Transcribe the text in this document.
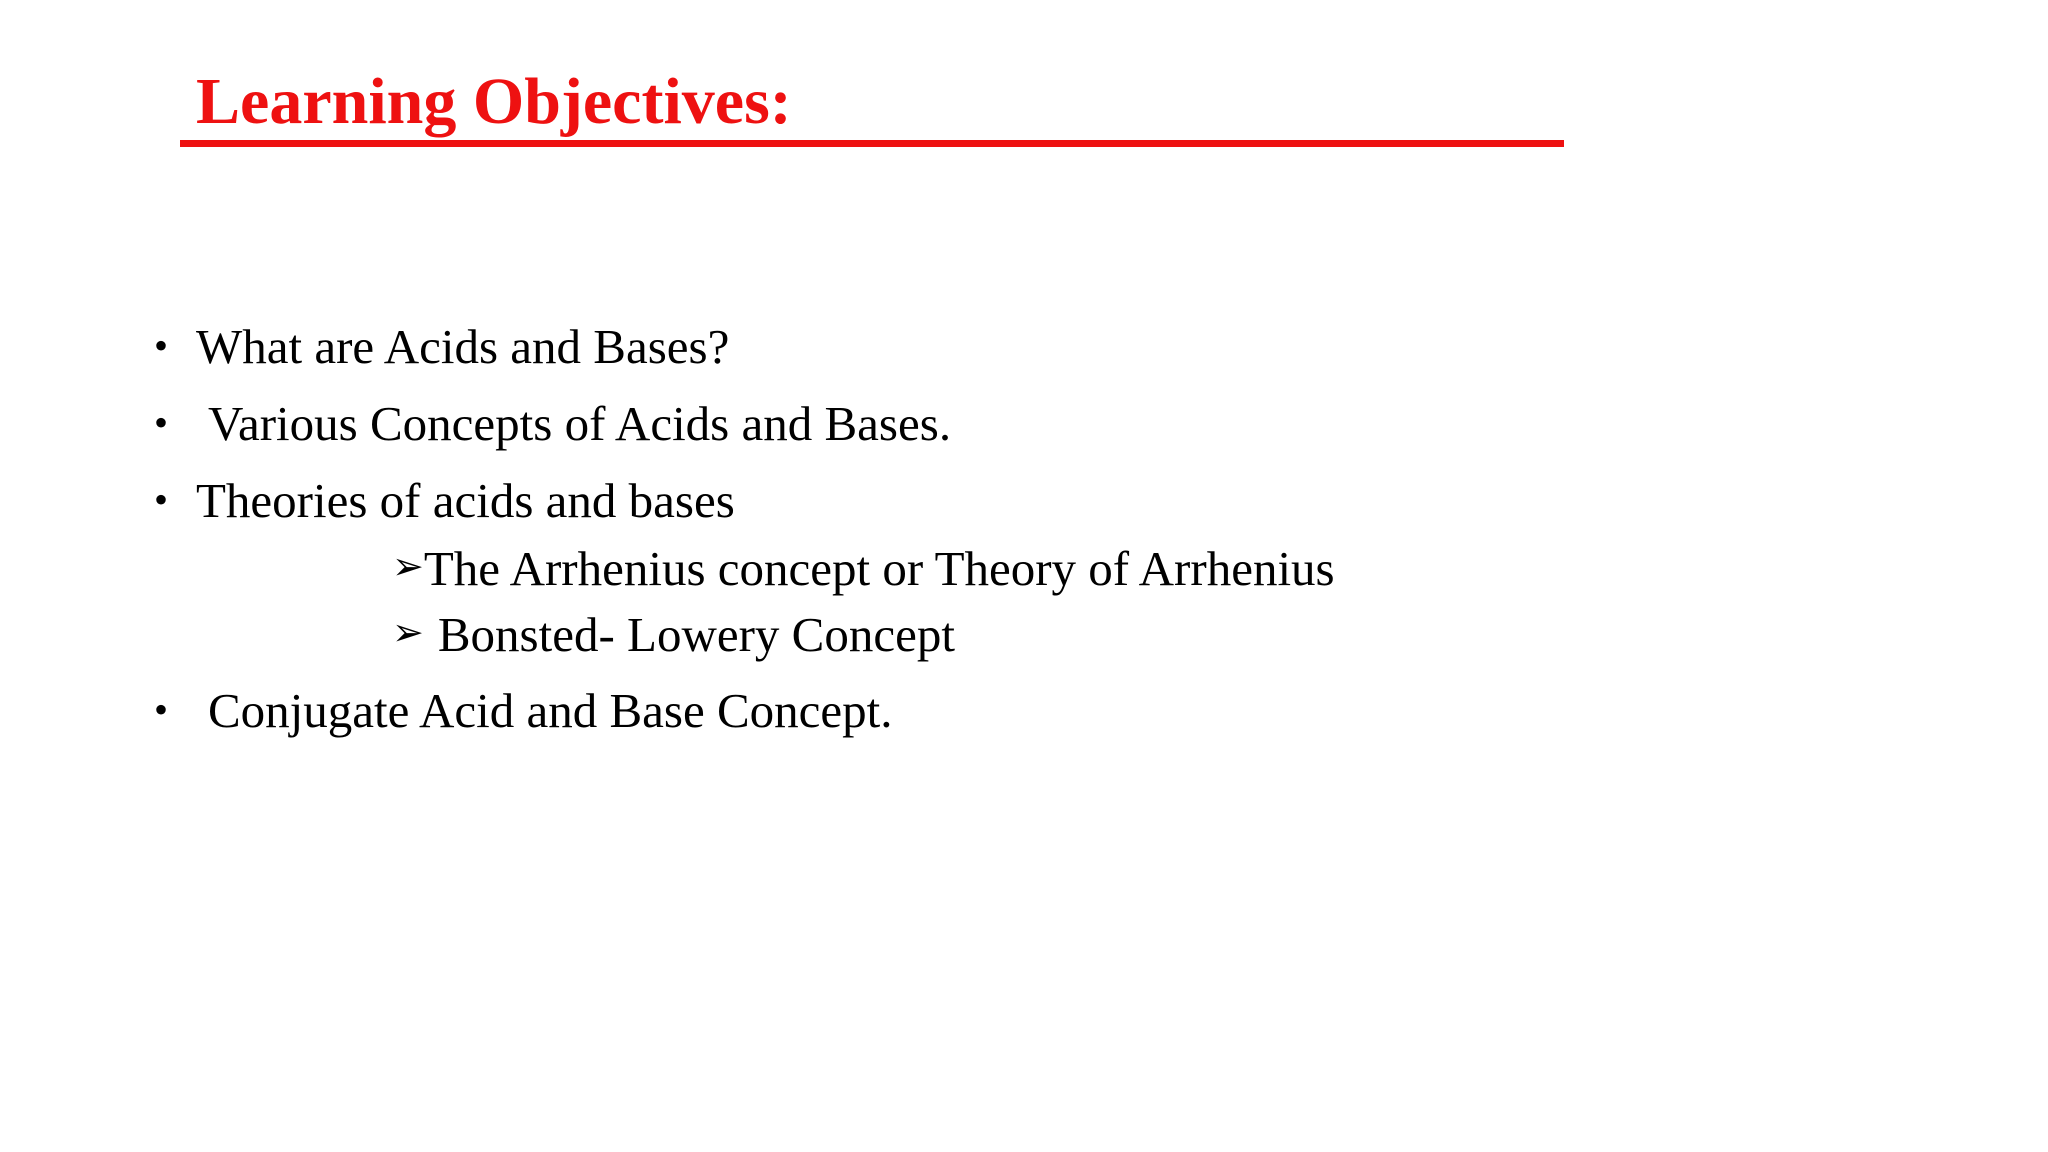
Learning Objectives:
• What are Acids and Bases?
• Various Concepts of Acids and Bases.
• Theories of acids and bases
➢The Arrhenius concept or Theory of Arrhenius
➢ Bonsted- Lowery Concept
• Conjugate Acid and Base Concept.
